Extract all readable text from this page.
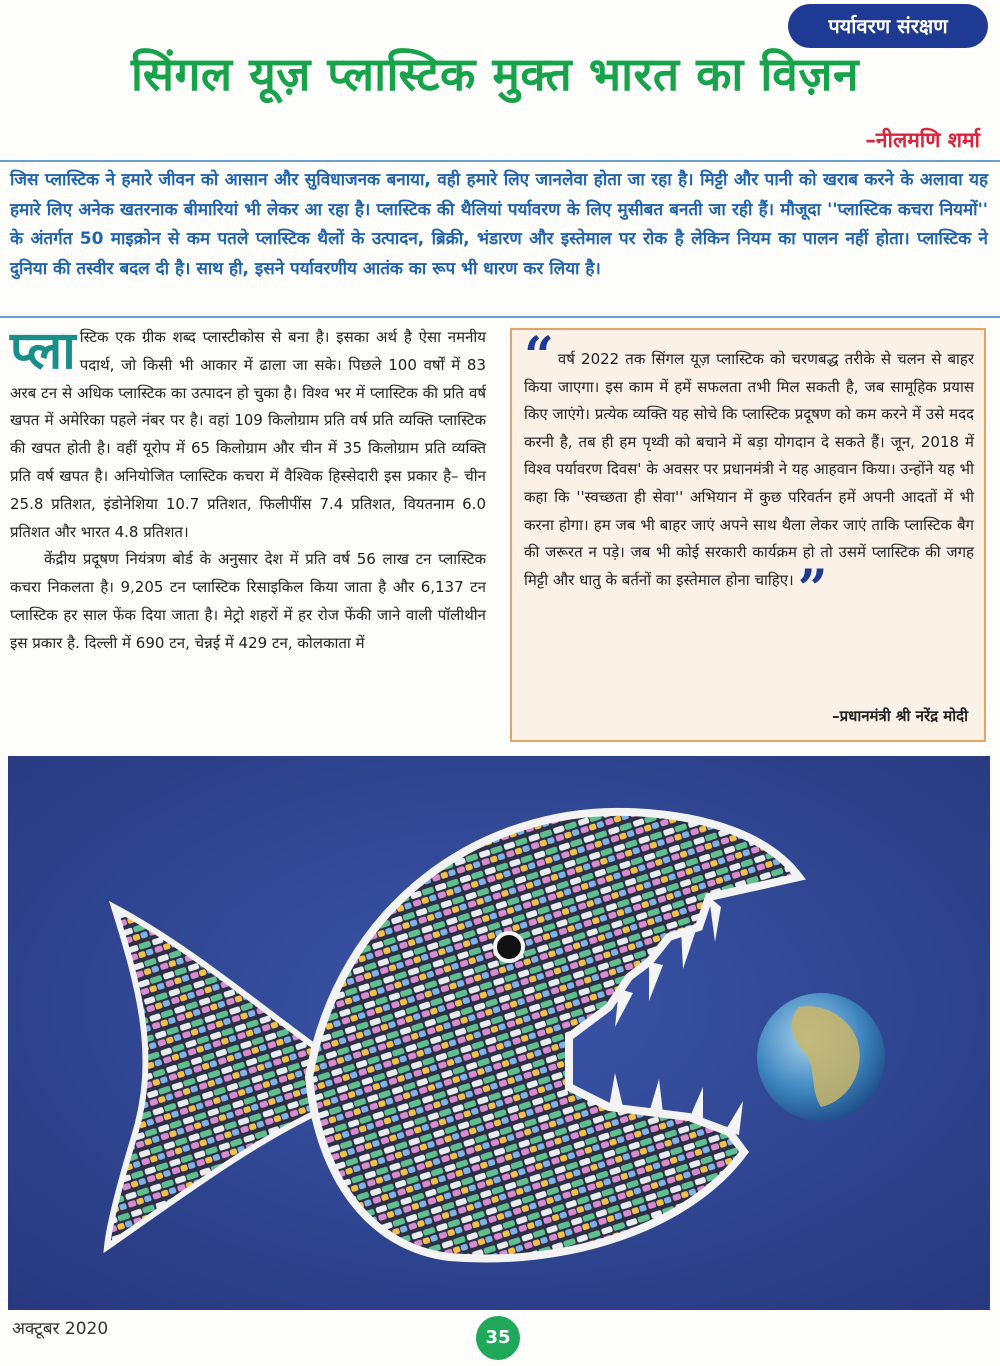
पर्यावरण संरक्षण
सिंगल यूज़ प्लास्टिक मुक्त भारत का विज़न
–नीलमणि शर्मा
जिस प्लास्टिक ने हमारे जीवन को आसान और सुविधाजनक बनाया, वही हमारे लिए जानलेवा होता जा रहा है। मिट्टी और पानी को खराब करने के अलावा यह हमारे लिए अनेक खतरनाक बीमारियां भी लेकर आ रहा है। प्लास्टिक की थैलियां पर्यावरण के लिए मुसीबत बनती जा रही हैं। मौजूदा ''प्लास्टिक कचरा नियमों'' के अंतर्गत 50 माइक्रोन से कम पतले प्लास्टिक थैलों के उत्पादन, ब्रिक्री, भंडारण और इस्तेमाल पर रोक है लेकिन नियम का पालन नहीं होता। प्लास्टिक ने दुनिया की तस्वीर बदल दी है। साथ ही, इसने पर्यावरणीय आतंक का रूप भी धारण कर लिया है।

प्ला स्टिक एक ग्रीक शब्द प्लास्टीकोस से बना है। इसका अर्थ है ऐसा नमनीय पदार्थ, जो किसी भी आकार में ढाला जा सके। पिछले 100 वर्षों में 83 अरब टन से अधिक प्लास्टिक का उत्पादन हो चुका है। विश्व भर में प्लास्टिक की प्रति वर्ष खपत में अमेरिका पहले नंबर पर है। वहां 109 किलोग्राम प्रति वर्ष प्रति व्यक्ति प्लास्टिक की खपत होती है। वहीं यूरोप में 65 किलोग्राम और चीन में 35 किलोग्राम प्रति व्यक्ति प्रति वर्ष खपत है। अनियोजित प्लास्टिक कचरा में वैश्विक हिस्सेदारी इस प्रकार है– चीन 25.8 प्रतिशत, इंडोनेशिया 10.7 प्रतिशत, फिलीपींस 7.4 प्रतिशत, वियतनाम 6.0 प्रतिशत और भारत 4.8 प्रतिशत।

केंद्रीय प्रदूषण नियंत्रण बोर्ड के अनुसार देश में प्रति वर्ष 56 लाख टन प्लास्टिक कचरा निकलता है। 9,205 टन प्लास्टिक रिसाइकिल किया जाता है और 6,137 टन प्लास्टिक हर साल फेंक दिया जाता है। मेट्रो शहरों में हर रोज फेंकी जाने वाली पॉलीथीन इस प्रकार है. दिल्ली में 690 टन, चेन्नई में 429 टन, कोलकाता में

“ वर्ष 2022 तक सिंगल यूज़ प्लास्टिक को चरणबद्ध तरीके से चलन से बाहर किया जाएगा। इस काम में हमें सफलता तभी मिल सकती है, जब सामूहिक प्रयास किए जाएंगे। प्रत्येक व्यक्ति यह सोचे कि प्लास्टिक प्रदूषण को कम करने में उसे मदद करनी है, तब ही हम पृथ्वी को बचाने में बड़ा योगदान दे सकते हैं। जून, 2018 में विश्व पर्यावरण दिवस' के अवसर पर प्रधानमंत्री ने यह आहवान किया। उन्होंने यह भी कहा कि ''स्वच्छता ही सेवा'' अभियान में कुछ परिवर्तन हमें अपनी आदतों में भी करना होगा। हम जब भी बाहर जाएं अपने साथ थैला लेकर जाएं ताकि प्लास्टिक बैग की जरूरत न पड़े। जब भी कोई सरकारी कार्यक्रम हो तो उसमें प्लास्टिक की जगह मिट्टी और धातु के बर्तनों का इस्तेमाल होना चाहिए।”
–प्रधानमंत्री श्री नरेंद्र मोदी
अक्टूबर 2020	35
